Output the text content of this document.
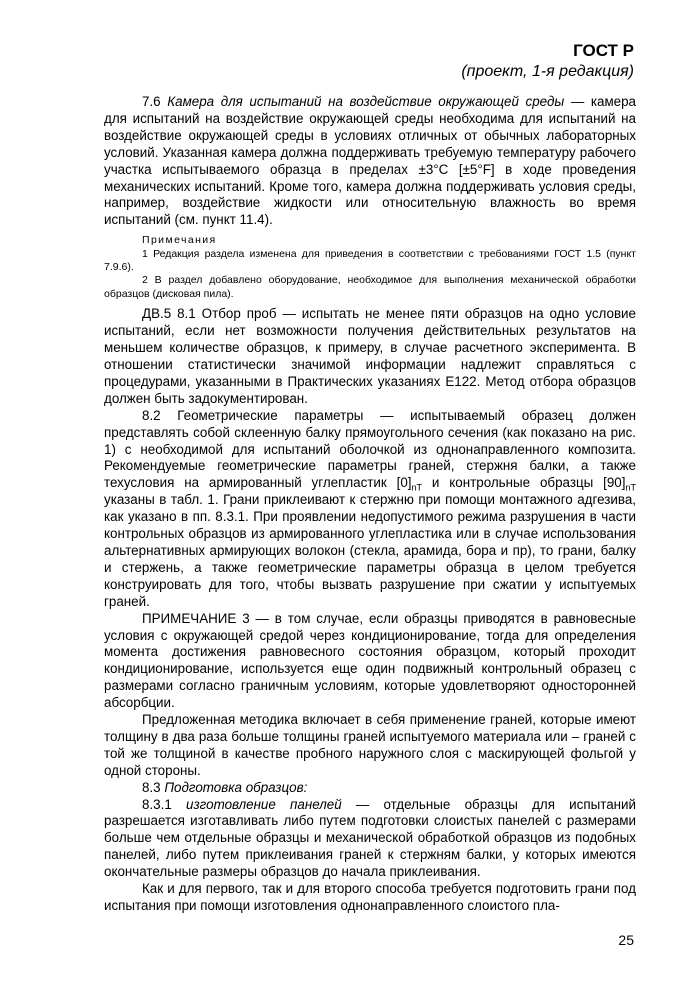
ГОСТ Р
(проект, 1-я редакция)

7.6 Камера для испытаний на воздействие окружающей среды — камера для испытаний на воздействие окружающей среды необходима для испытаний на воздействие окружающей среды в условиях отличных от обычных лабораторных условий. Указанная камера должна поддерживать требуемую температуру рабочего участка испытываемого образца в пределах ±3°С [±5°F] в ходе проведения механических испытаний. Кроме того, камера должна поддерживать условия среды, например, воздействие жидкости или относительную влажность во время испытаний (см. пункт 11.4).

Примечания
1 Редакция раздела изменена для приведения в соответствии с требованиями ГОСТ 1.5 (пункт 7.9.6).
2 В раздел добавлено оборудование, необходимое для выполнения механической обработки образцов (дисковая пила).

ДВ.5 8.1 Отбор проб — испытать не менее пяти образцов на одно условие испытаний, если нет возможности получения действительных результатов на меньшем количестве образцов, к примеру, в случае расчетного эксперимента. В отношении статистически значимой информации надлежит справляться с процедурами, указанными в Практических указаниях Е122. Метод отбора образцов должен быть задокументирован.

8.2 Геометрические параметры — испытываемый образец должен представлять собой склеенную балку прямоугольного сечения (как показано на рис. 1) с необходимой для испытаний оболочкой из однонаправленного композита. Рекомендуемые геометрические параметры граней, стержня балки, а также техусловия на армированный углепластик $[0]_{nT}$ и контрольные образцы $[90]_{nT}$ указаны в табл. 1. Грани приклеивают к стержню при помощи монтажного адгезива, как указано в пп. 8.3.1. При проявлении недопустимого режима разрушения в части контрольных образцов из армированного углепластика или в случае использования альтернативных армирующих волокон (стекла, арамида, бора и пр), то грани, балку и стержень, а также геометрические параметры образца в целом требуется конструировать для того, чтобы вызвать разрушение при сжатии у испытуемых граней.

ПРИМЕЧАНИЕ 3 — в том случае, если образцы приводятся в равновесные условия с окружающей средой через кондиционирование, тогда для определения момента достижения равновесного состояния образцом, который проходит кондиционирование, используется еще один подвижный контрольный образец с размерами согласно граничным условиям, которые удовлетворяют односторонней абсорбции.

Предложенная методика включает в себя применение граней, которые имеют толщину в два раза больше толщины граней испытуемого материала или – граней с той же толщиной в качестве пробного наружного слоя с маскирующей фольгой у одной стороны.

8.3 Подготовка образцов:

8.3.1 изготовление панелей — отдельные образцы для испытаний разрешается изготавливать либо путем подготовки слоистых панелей с размерами больше чем отдельные образцы и механической обработкой образцов из подобных панелей, либо путем приклеивания граней к стержням балки, у которых имеются окончательные размеры образцов до начала приклеивания.

Как и для первого, так и для второго способа требуется подготовить грани под испытания при помощи изготовления однонаправленного слоистого пла-

25
